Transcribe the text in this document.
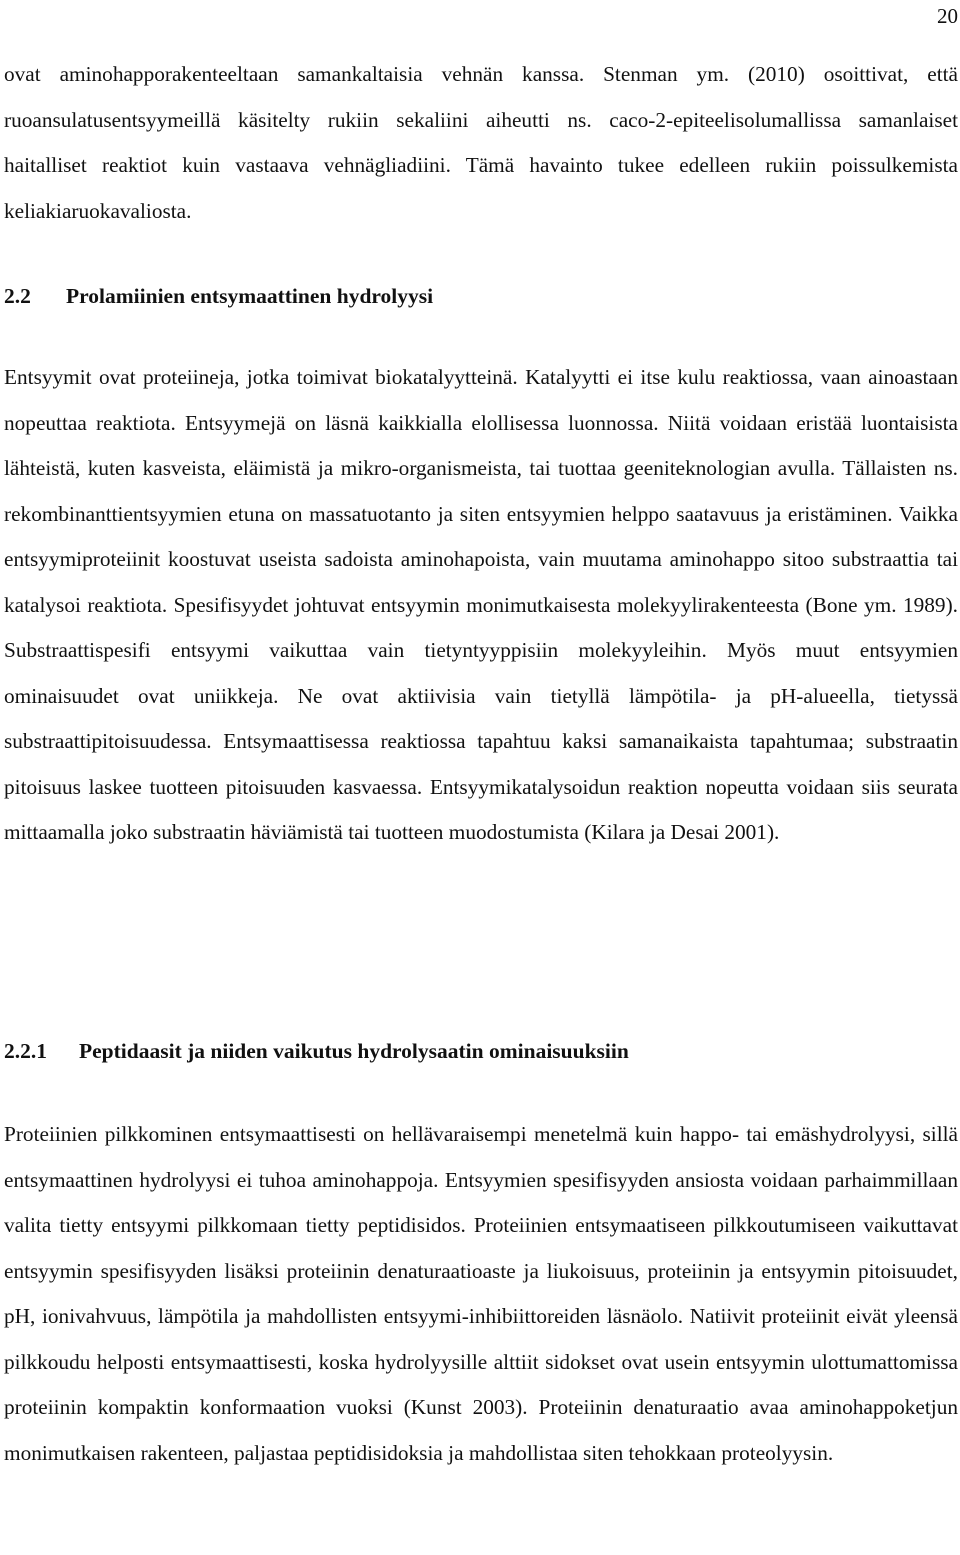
20

ovat aminohapporakenteeltaan samankaltaisia vehnän kanssa. Stenman ym. (2010) osoittivat, että ruoansulatusentsyymeillä käsitelty rukiin sekaliini aiheutti ns. caco-2-epiteelisolumallissa samanlaiset haitalliset reaktiot kuin vastaava vehnägliadiini. Tämä havainto tukee edelleen rukiin poissulkemista keliakiaruokavaliosta.

2.2 Prolamiinien entsymaattinen hydrolyysi

Entsyymit ovat proteiineja, jotka toimivat biokatalyytteinä. Katalyytti ei itse kulu reaktiossa, vaan ainoastaan nopeuttaa reaktiota. Entsyymejä on läsnä kaikkialla elollisessa luonnossa. Niitä voidaan eristää luontaisista lähteistä, kuten kasveista, eläimistä ja mikro-organismeista, tai tuottaa geeniteknologian avulla. Tällaisten ns. rekombinanttientsyymien etuna on massatuotanto ja siten entsyymien helppo saatavuus ja eristäminen. Vaikka entsyymiproteiinit koostuvat useista sadoista aminohapoista, vain muutama aminohappo sitoo substraattia tai katalysoi reaktiota. Spesifisyydet johtuvat entsyymin monimutkaisesta molekyylirakenteesta (Bone ym. 1989). Substraattispesifi entsyymi vaikuttaa vain tietyntyyppisiin molekyyleihin. Myös muut entsyymien ominaisuudet ovat uniikkeja. Ne ovat aktiivisia vain tietyllä lämpötila- ja pH-alueella, tietyssä substraattipitoisuudessa. Entsymaattisessa reaktiossa tapahtuu kaksi samanaikaista tapahtumaa; substraatin pitoisuus laskee tuotteen pitoisuuden kasvaessa. Entsyymikatalysoidun reaktion nopeutta voidaan siis seurata mittaamalla joko substraatin häviämistä tai tuotteen muodostumista (Kilara ja Desai 2001).

2.2.1 Peptidaasit ja niiden vaikutus hydrolysaatin ominaisuuksiin

Proteiinien pilkkominen entsymaattisesti on hellävaraisempi menetelmä kuin happo- tai emäshydrolyysi, sillä entsymaattinen hydrolyysi ei tuhoa aminohappoja. Entsyymien spesifisyyden ansiosta voidaan parhaimmillaan valita tietty entsyymi pilkkomaan tietty peptidisidos. Proteiinien entsymaatiseen pilkkoutumiseen vaikuttavat entsyymin spesifisyyden lisäksi proteiinin denaturaatioaste ja liukoisuus, proteiinin ja entsyymin pitoisuudet, pH, ionivahvuus, lämpötila ja mahdollisten entsyymi-inhibiittoreiden läsnäolo. Natiivit proteiinit eivät yleensä pilkkoudu helposti entsymaattisesti, koska hydrolyysille alttiit sidokset ovat usein entsyymin ulottumattomissa proteiinin kompaktin konformaation vuoksi (Kunst 2003). Proteiinin denaturaatio avaa aminohappoketjun monimutkaisen rakenteen, paljastaa peptidisidoksia ja mahdollistaa siten tehokkaan proteolyysin.
